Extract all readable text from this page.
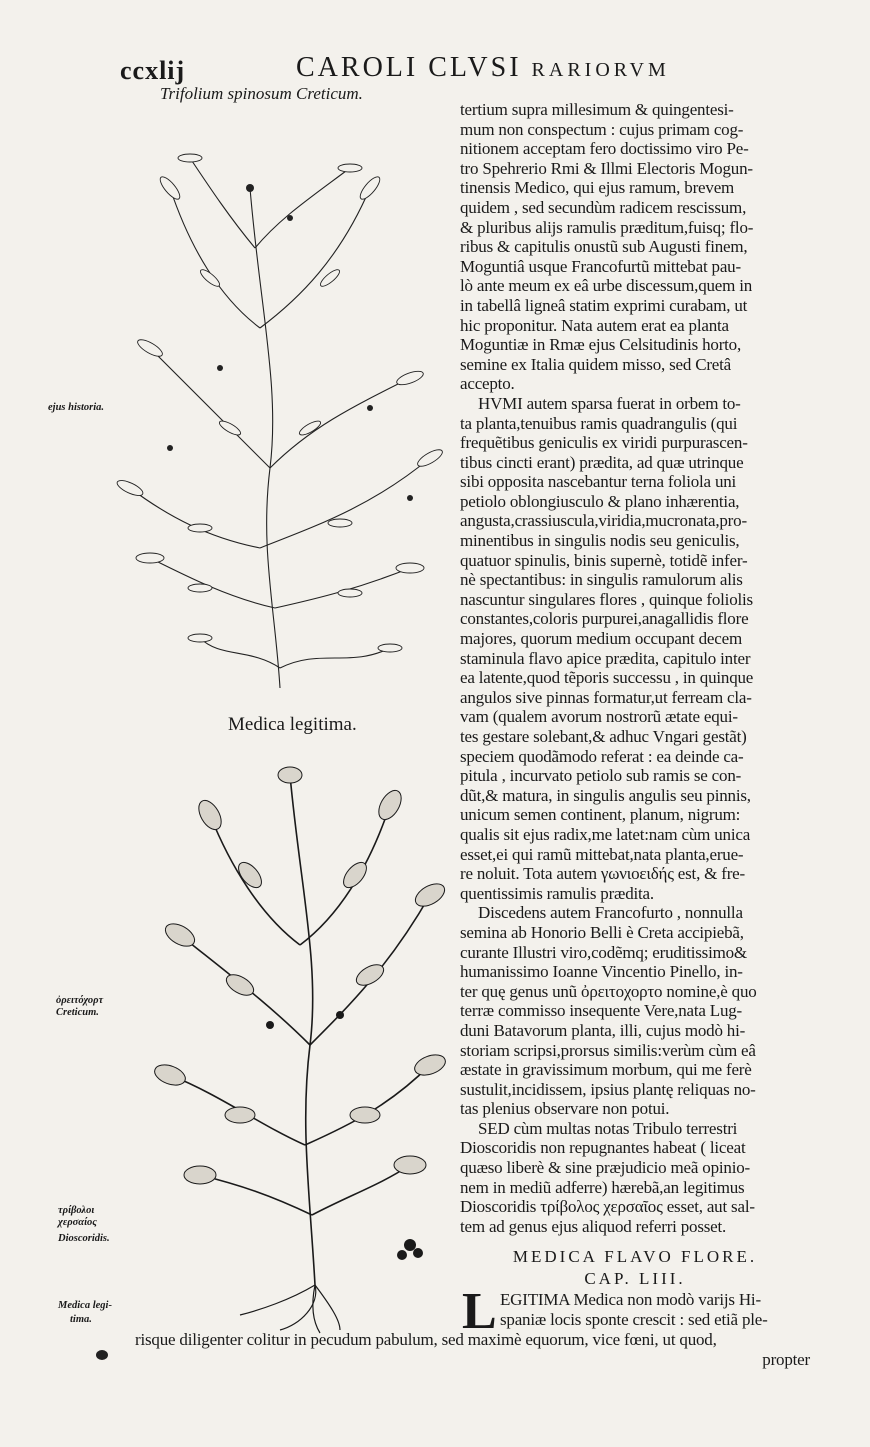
ccxlij	CAROLI CLVSI RARIORVM
Trifolium spinosum Creticum.
Medica legitima.
ejus historia.
ὀρειτόχορτ
Creticum.
τρίβολοι χερσαίος
Dioscoridis.
Medica legi-
tima.
tertium supra millesimum & quingentesi-
mum non conspectum : cujus primam cog-
nitionem acceptam fero doctissimo viro Pe-
tro Spehrerio Rmi & Illmi Electoris Mogun-
tinensis Medico, qui ejus ramum, brevem
quidem , sed secundùm radicem rescissum,
& pluribus alijs ramulis præditum,fuisq; flo-
ribus & capitulis onustũ sub Augusti finem,
Moguntiâ usque Francofurtũ mittebat pau-
lò ante meum ex eâ urbe discessum,quem in
in tabellâ ligneâ statim exprimi curabam, ut
hic proponitur. Nata autem erat ea planta
Moguntiæ in Rmæ ejus Celsitudinis horto,
semine ex Italia quidem misso, sed Cretâ
accepto.
HVMI autem sparsa fuerat in orbem to-
ta planta,tenuibus ramis quadrangulis (qui
frequẽtibus geniculis ex viridi purpurascen-
tibus cincti erant) prædita, ad quæ utrinque
sibi opposita nascebantur terna foliola uni
petiolo oblongiusculo & plano inhærentia,
angusta,crassiuscula,viridia,mucronata,pro-
minentibus in singulis nodis seu geniculis,
quatuor spinulis, binis supernè, totidẽ infer-
nè spectantibus: in singulis ramulorum alis
nascuntur singulares flores , quinque foliolis
constantes,coloris purpurei,anagallidis flore
majores, quorum medium occupant decem
staminula flavo apice prædita, capitulo inter
ea latente,quod tẽporis successu , in quinque
angulos sive pinnas formatur,ut ferream cla-
vam (qualem avorum nostrorũ ætate equi-
tes gestare solebant,& adhuc Vngari gestãt)
speciem quodãmodo referat : ea deinde ca-
pitula , incurvato petiolo sub ramis se con-
dũt,& matura, in singulis angulis seu pinnis,
unicum semen continent, planum, nigrum:
qualis sit ejus radix,me latet:nam cùm unica
esset,ei qui ramũ mittebat,nata planta,erue-
re noluit. Tota autem γωνιοειδής est, & fre-
quentissimis ramulis prædita.
Discedens autem Francofurto , nonnulla
semina ab Honorio Belli è Creta accipiebã,
curante Illustri viro,codẽmq; eruditissimo&
humanissimo Ioanne Vincentio Pinello, in-
ter quę genus unũ ὀρειτοχορτο nomine,è quo
terræ commisso insequente Vere,nata Lug-
duni Batavorum planta, illi, cujus modò hi-
storiam scripsi,prorsus similis:verùm cùm eâ
æstate in gravissimum morbum, qui me ferè
sustulit,incidissem, ipsius plantę reliquas no-
tas plenius observare non potui.
SED cùm multas notas Tribulo terrestri
Dioscoridis non repugnantes habeat ( liceat
quæso liberè & sine præjudicio meã opinio-
nem in mediũ adferre) hærebã,an legitimus
Dioscoridis τρίβολος χερσαῖος esset, aut sal-
tem ad genus ejus aliquod referri posset.
MEDICA FLAVO FLORE.
CAP. LIII.
L EGITIMA Medica non modò varijs Hi-
spaniæ locis sponte crescit : sed etiã ple-
risque diligenter colitur in pecudum pabulum, sed maximè equorum, vice fœni, ut quod,
propter
